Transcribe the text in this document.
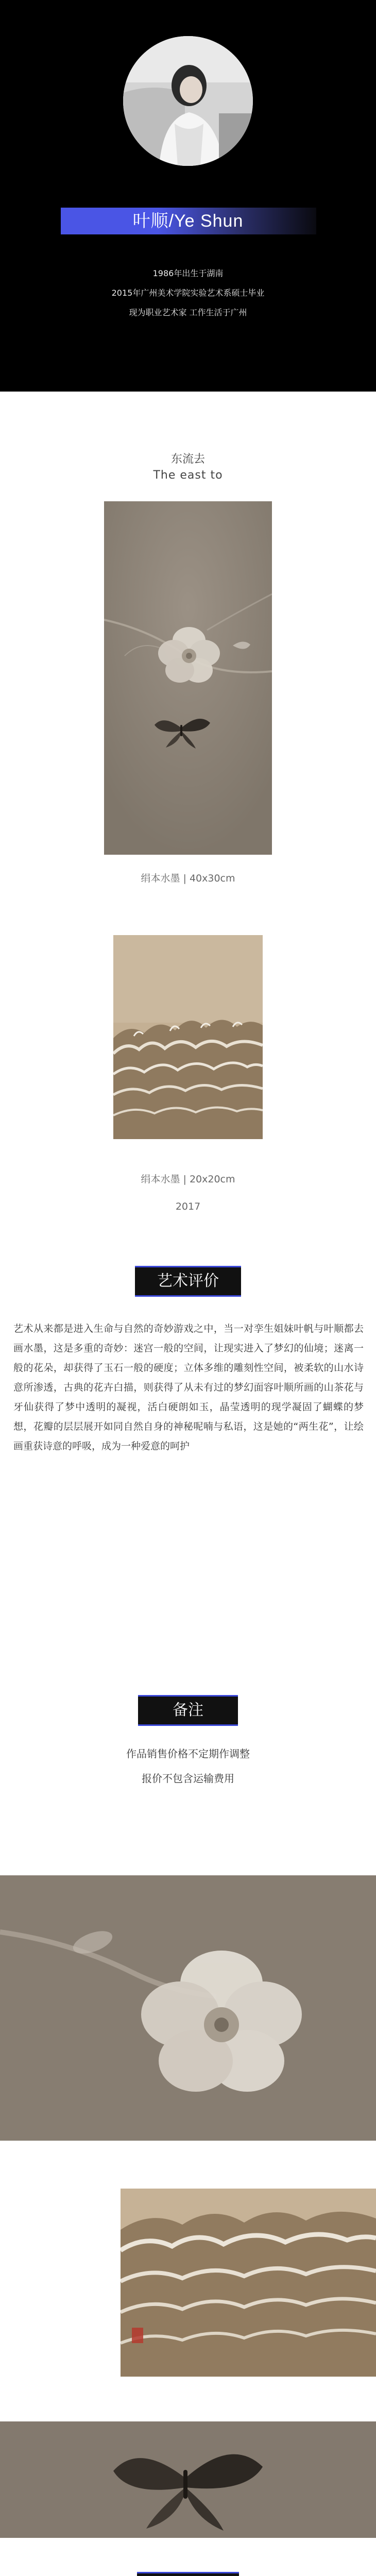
叶顺/Ye Shun
1986年出生于湖南
2015年广州美术学院实验艺术系硕士毕业
现为职业艺术家 工作生活于广州
东流去
The east to
绢本水墨 | 40x30cm
绢本水墨 | 20x20cm
2017
艺术评价
艺术从来都是进入生命与自然的奇妙游戏之中，当一对孪生姐妹叶帆与叶顺都去画水墨，这是多重的奇妙：迷宫一般的空间，让现实进入了梦幻的仙境；迷离一般的花朵，却获得了玉石一般的硬度；立体多维的雕刻性空间，被柔软的山水诗意所渗透，古典的花卉白描，则获得了从未有过的梦幻面容叶顺所画的山茶花与牙仙获得了梦中透明的凝视，活白硬朗如玉，晶莹透明的现学凝固了蝴蝶的梦想，花瓣的层层展开如同自然自身的神秘呢喃与私语，这是她的“两生花”，让绘画重获诗意的呼吸，成为一种爱意的呵护
备注
作品销售价格不定期作调整
报价不包含运输费用
